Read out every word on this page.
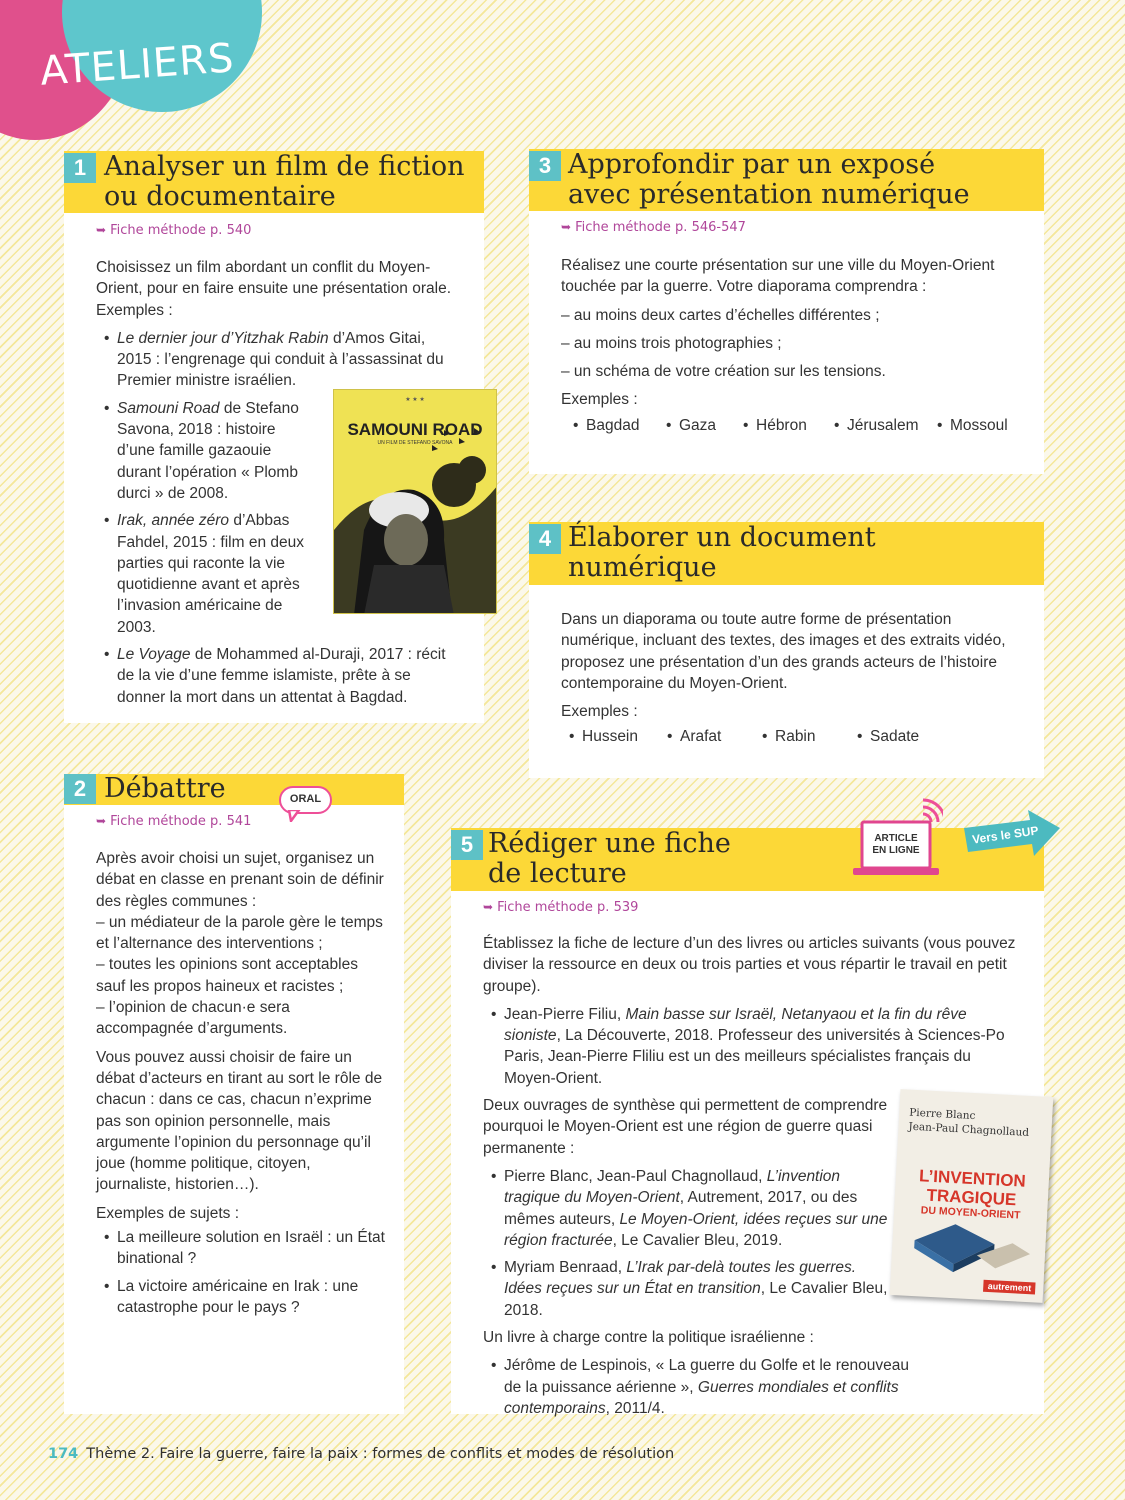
ATELIERS
1 Analyser un film de fiction
ou documentaire
➥ Fiche méthode p. 540

Choisissez un film abordant un conflit du Moyen-Orient, pour en faire ensuite une présentation orale. Exemples :

• Le dernier jour d’Yitzhak Rabin d’Amos Gitai, 2015 : l’engrenage qui conduit à l’assassinat du Premier ministre israélien.
• Samouni Road de Stefano Savona, 2018 : histoire d’une famille gazaouie durant l’opération « Plomb durci » de 2008.
• Irak, année zéro d’Abbas Fahdel, 2015 : film en deux parties qui raconte la vie quotidienne avant et après l’invasion américaine de 2003.
• Le Voyage de Mohammed al-Duraji, 2017 : récit de la vie d’une femme islamiste, prête à se donner la mort dans un attentat à Bagdad.
★ ★ ★
SAMOUNI ROAD
UN FILM DE STEFANO SAVONA
2 Débattre
➥ Fiche méthode p. 541
Après avoir choisi un sujet, organisez un débat en classe en prenant soin de définir des règles communes :
– un médiateur de la parole gère le temps et l’alternance des interventions ;
– toutes les opinions sont acceptables sauf les propos haineux et racistes ;
– l’opinion de chacun·e sera accompagnée d’arguments.

Vous pouvez aussi choisir de faire un débat d’acteurs en tirant au sort le rôle de chacun : dans ce cas, chacun n’exprime pas son opinion personnelle, mais argumente l’opinion du personnage qu’il joue (homme politique, citoyen, journaliste, historien…).

Exemples de sujets :

• La meilleure solution en Israël : un État binational ?
• La victoire américaine en Irak : une catastrophe pour le pays ?
ORAL
3 Approfondir par un exposé
avec présentation numérique
➥ Fiche méthode p. 546-547

Réalisez une courte présentation sur une ville du Moyen-Orient touchée par la guerre. Votre diaporama comprendra :

– au moins deux cartes d’échelles différentes ;

– au moins trois photographies ;

– un schéma de votre création sur les tensions.

Exemples :

• Bagdad	• Gaza	• Hébron	• Jérusalem	• Mossoul
4 Élaborer un document
numérique

Dans un diaporama ou toute autre forme de présentation numérique, incluant des textes, des images et des extraits vidéo, proposez une présentation d’un des grands acteurs de l’histoire contemporaine du Moyen-Orient.

Exemples :

• Hussein	• Arafat	• Rabin	• Sadate
5 Rédiger une fiche
de lecture
➥ Fiche méthode p. 539

Établissez la fiche de lecture d’un des livres ou articles suivants (vous pouvez diviser la ressource en deux ou trois parties et vous répartir le travail en petit groupe).

• Jean-Pierre Filiu, Main basse sur Israël, Netanyaou et la fin du rêve sioniste, La Découverte, 2018. Professeur des universités à Sciences-Po Paris, Jean-Pierre Fliliu est un des meilleurs spécialistes français du Moyen-Orient.

Deux ouvrages de synthèse qui permettent de comprendre pourquoi le Moyen-Orient est une région de guerre quasi permanente :

• Pierre Blanc, Jean-Paul Chagnollaud, L’invention tragique du Moyen-Orient, Autrement, 2017, ou des mêmes auteurs, Le Moyen-Orient, idées reçues sur une région fracturée, Le Cavalier Bleu, 2019.
• Myriam Benraad, L’Irak par-delà toutes les guerres. Idées reçues sur un État en transition, Le Cavalier Bleu, 2018.

Un livre à charge contre la politique israélienne :

• Jérôme de Lespinois, « La guerre du Golfe et le renouveau de la puissance aérienne », Guerres mondiales et conflits contemporains, 2011/4.
ARTICLE
EN LIGNE
Vers le SUP
Pierre Blanc
Jean-Paul Chagnollaud
L’INVENTION
TRAGIQUE
DU MOYEN-ORIENT
autrement
174 Thème 2. Faire la guerre, faire la paix : formes de conflits et modes de résolution
